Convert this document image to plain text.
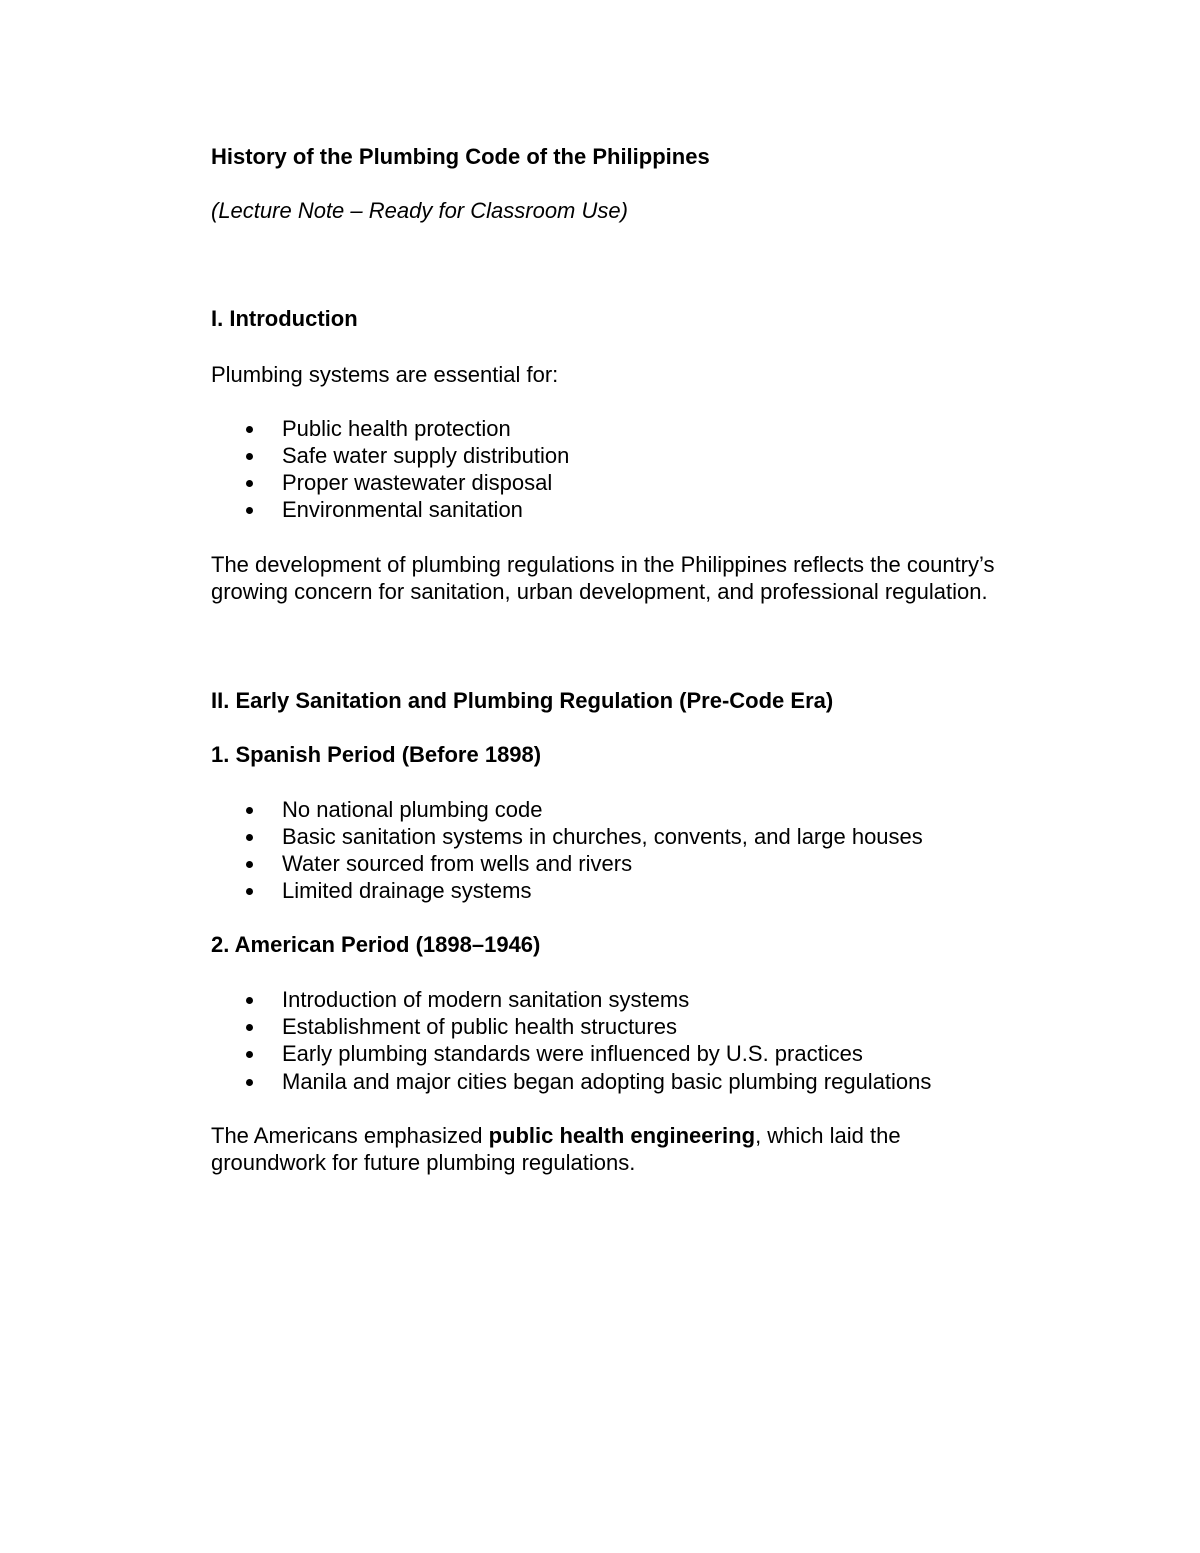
History of the Plumbing Code of the Philippines
(Lecture Note – Ready for Classroom Use)
I. Introduction
Plumbing systems are essential for:
Public health protection
Safe water supply distribution
Proper wastewater disposal
Environmental sanitation
The development of plumbing regulations in the Philippines reflects the country’s
growing concern for sanitation, urban development, and professional regulation.
II. Early Sanitation and Plumbing Regulation (Pre-Code Era)
1. Spanish Period (Before 1898)
No national plumbing code
Basic sanitation systems in churches, convents, and large houses
Water sourced from wells and rivers
Limited drainage systems
2. American Period (1898–1946)
Introduction of modern sanitation systems
Establishment of public health structures
Early plumbing standards were influenced by U.S. practices
Manila and major cities began adopting basic plumbing regulations
The Americans emphasized public health engineering, which laid the
groundwork for future plumbing regulations.
